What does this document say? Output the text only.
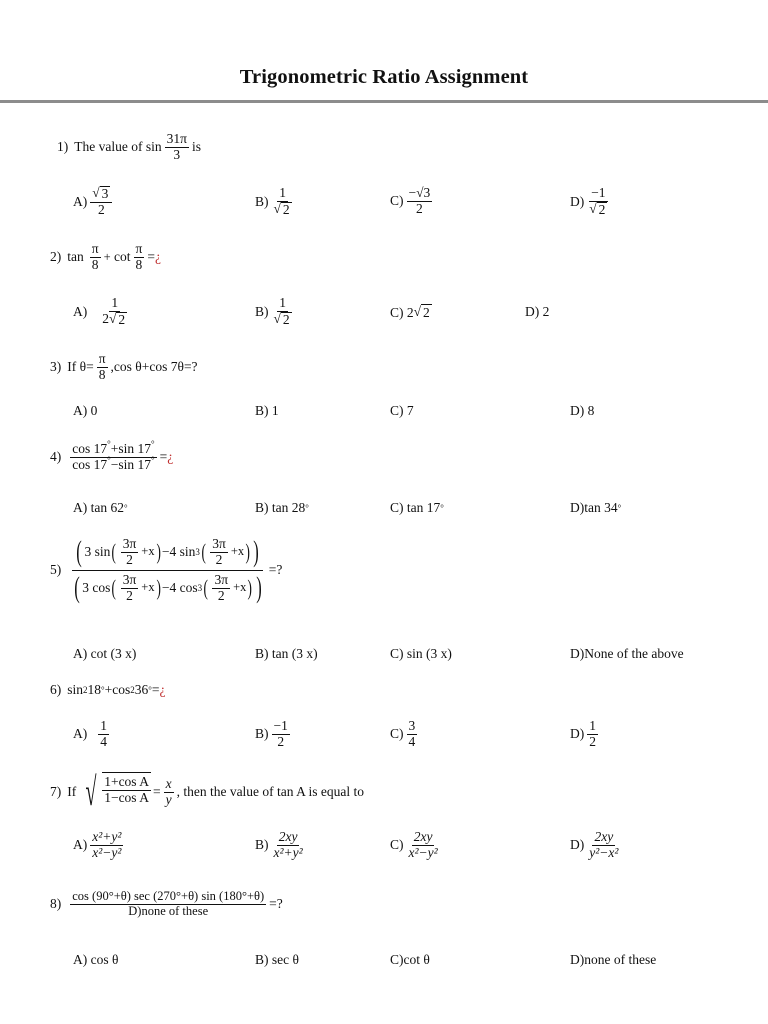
Trigonometric Ratio Assignment
1) The value of $\sin \frac{31\pi}{3}$ is
$A) \frac{√ 3}{2}$	$B) \frac{1}{√ 2}$	$C) \frac{-√3}{2}$	$D) \frac{-1}{√ 2}$
2) $\tan \frac{\pi}{8}$ +
$\cot \frac{\pi}{8}$ = ¿
$A) \frac{1}{2 √ 2}$	$B) \frac{1}{√ 2}$	C) 2 √ 2	D) 2
3) If $\theta= \frac{\pi}{8} ,\cos$ θ+cos 7θ=?
A) 0	B) 1	C) 7	D) 8
$4) \frac{\cos 17^\circ+\sin 17^\circ}{\cos 17^\circ-\sin 17^\circ}$ = ¿
A) tan 62 °	B) tan 28 °	C) tan 17 °	D)tan 34 °
5)
( 3 sin ( $\frac{3\pi}{2} +x$ ) −4 sin 3 ( $\frac{3\pi}{2} +x$ ) )
( 3 cos ( $\frac{3\pi}{2} +x$ ) −4 cos 3 ( $\frac{3\pi}{2} +x$ ) )
=?
A) cot (3 x)	B) tan (3 x)	C) sin (3 x)	D)None of the above
6) sin 2 18 ° +cos 2 36 ° = ¿
$A) \frac{1}{4}$	$B) \frac{-1}{2}$	$C) \frac{3}{4}$	$D) \frac{1}{2}$
7) If √ $\frac{\text{1+cos A}}{\text{1−cos A}} = \frac{x}{y}$ , then the value of tan A is equal to
$A) \frac{\text{x²+y²}}{\text{x²−y²}}$	$B) \frac{2xy}{\text{x²+y²}}$	$C) \frac{2xy}{\text{x²−y²}}$	$D) \frac{2xy}{\text{y²−x²}}$
$8) \frac{\cos (90^\circ+\theta) \sec (270^\circ+\theta) \sin (180^\circ+\theta)}{\text{D)none of these}}$ =?
A) cos θ	B) sec θ	C)cot θ	D)none of these
